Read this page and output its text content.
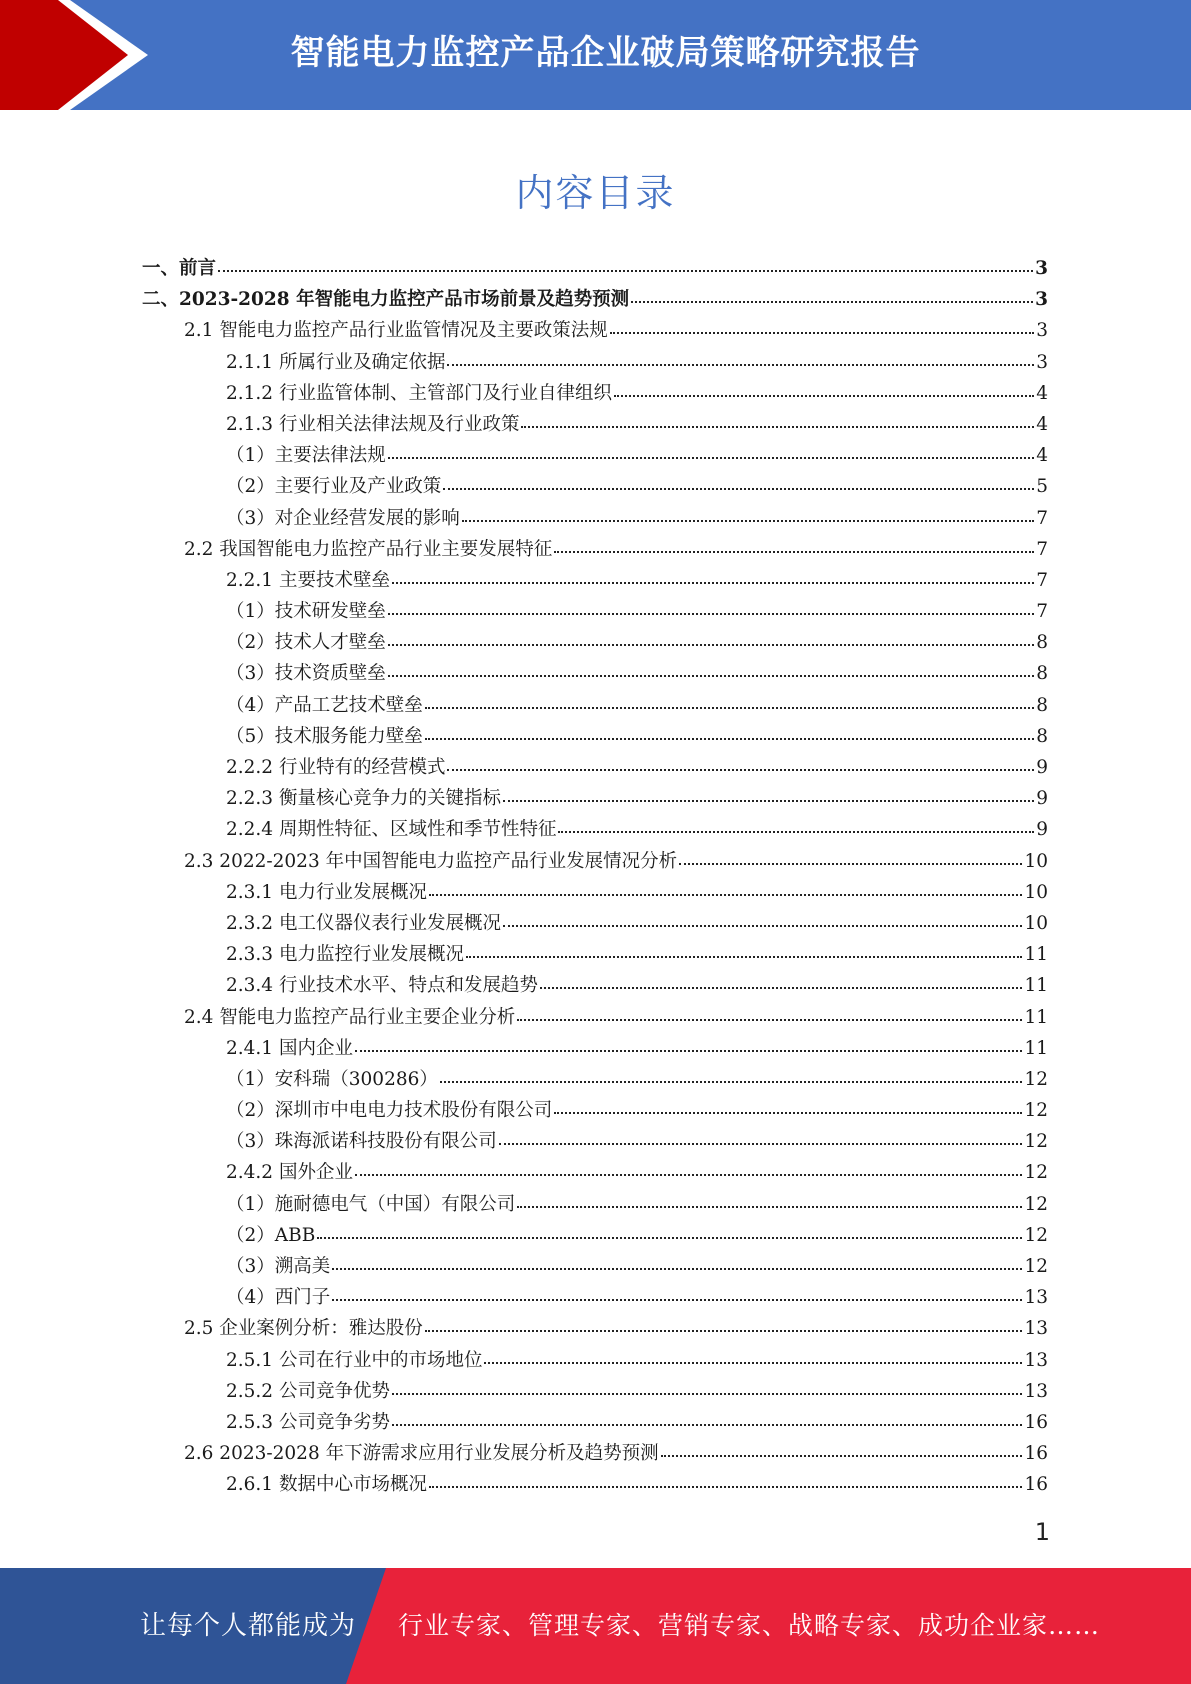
智能电力监控产品企业破局策略研究报告
内容目录
一、前言	3
二、2023-2028 年智能电力监控产品市场前景及趋势预测	3
2.1 智能电力监控产品行业监管情况及主要政策法规	3
2.1.1 所属行业及确定依据	3
2.1.2 行业监管体制、主管部门及行业自律组织	4
2.1.3 行业相关法律法规及行业政策	4
（1）主要法律法规	4
（2）主要行业及产业政策	5
（3）对企业经营发展的影响	7
2.2 我国智能电力监控产品行业主要发展特征	7
2.2.1 主要技术壁垒	7
（1）技术研发壁垒	7
（2）技术人才壁垒	8
（3）技术资质壁垒	8
（4）产品工艺技术壁垒	8
（5）技术服务能力壁垒	8
2.2.2 行业特有的经营模式	9
2.2.3 衡量核心竞争力的关键指标	9
2.2.4 周期性特征、区域性和季节性特征	9
2.3 2022-2023 年中国智能电力监控产品行业发展情况分析	10
2.3.1 电力行业发展概况	10
2.3.2 电工仪器仪表行业发展概况	10
2.3.3 电力监控行业发展概况	11
2.3.4 行业技术水平、特点和发展趋势	11
2.4 智能电力监控产品行业主要企业分析	11
2.4.1 国内企业	11
（1）安科瑞（300286）	12
（2）深圳市中电电力技术股份有限公司	12
（3）珠海派诺科技股份有限公司	12
2.4.2 国外企业	12
（1）施耐德电气（中国）有限公司	12
（2）ABB	12
（3）溯高美	12
（4）西门子	13
2.5 企业案例分析：雅达股份	13
2.5.1 公司在行业中的市场地位	13
2.5.2 公司竞争优势	13
2.5.3 公司竞争劣势	16
2.6 2023-2028 年下游需求应用行业发展分析及趋势预测	16
2.6.1 数据中心市场概况	16
1
让每个人都能成为 行业专家、管理专家、营销专家、战略专家、成功企业家……
